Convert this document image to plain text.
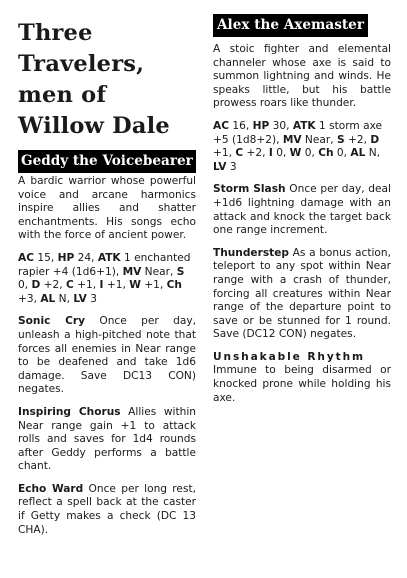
Three Travelers, men of Willow Dale
Geddy the Voicebearer

A bardic warrior whose powerful voice and arcane harmonics inspire allies and shatter enchantments. His songs echo with the force of ancient power.

AC 15, HP 24, ATK 1 enchanted rapier +4 (1d6+1), MV Near, S 0, D +2, C +1, I +1, W +1, Ch +3, AL N, LV 3

Sonic Cry Once per day, unleash a high-pitched note that forces all enemies in Near range to be deafened and take 1d6 damage. Save DC13 CON) negates.

Inspiring Chorus Allies within Near range gain +1 to attack rolls and saves for 1d4 rounds after Geddy performs a battle chant.

Echo Ward Once per long rest, reflect a spell back at the caster if Getty makes a check (DC 13 CHA).

Alex the Axemaster

A stoic fighter and elemental channeler whose axe is said to summon lightning and winds. He speaks little, but his battle prowess roars like thunder.

AC 16, HP 30, ATK 1 storm axe +5 (1d8+2), MV Near, S +2, D +1, C +2, I 0, W 0, Ch 0, AL N, LV 3

Storm Slash Once per day, deal +1d6 lightning damage with an attack and knock the target back one range increment.

Thunderstep As a bonus action, teleport to any spot within Near range with a crash of thunder, forcing all creatures within Near range of the departure point to save or be stunned for 1 round. Save (DC12 CON) negates.

Unshakable Rhythm
Immune to being disarmed or knocked prone while holding his axe.
